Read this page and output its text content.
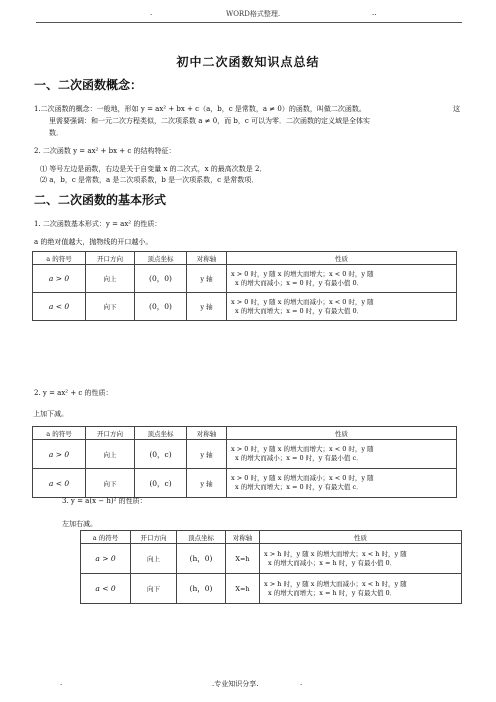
.	WORD格式整理.	..
初中二次函数知识点总结
一、二次函数概念：
1.二次函数的概念：一般地，形如 y = ax² + bx + c（a，b，c 是常数，a ≠ 0）的函数，叫做二次函数。	这
里需要强调：和一元二次方程类似，二次项系数 a ≠ 0，而 b，c 可以为零．二次函数的定义域是全体实
数．
2. 二次函数 y = ax² + bx + c 的结构特征：
⑴ 等号左边是函数，右边是关于自变量 x 的二次式，x 的最高次数是 2．
⑵ a，b，c 是常数，a 是二次项系数，b 是一次项系数，c 是常数项．
二、二次函数的基本形式
1. 二次函数基本形式：y = ax² 的性质：
a 的绝对值越大，抛物线的开口越小。
a 的符号	开口方向	顶点坐标	对称轴	性质
a > 0	向上	(0，0)	y 轴	x > 0 时，y 随 x 的增大而增大；x < 0 时，y 随
x 的增大而减小；x = 0 时，y 有最小值 0．

a < 0	向下	(0，0)	y 轴	x > 0 时，y 随 x 的增大而减小；x < 0 时，y 随
x 的增大而增大；x = 0 时，y 有最大值 0．
2. y = ax² + c 的性质：
上加下减。
a 的符号	开口方向	顶点坐标	对称轴	性质
a > 0	向上	(0，c)	y 轴	x > 0 时，y 随 x 的增大而增大；x < 0 时，y 随
x 的增大而减小；x = 0 时，y 有最小值 c．

a < 0	向下	(0，c)	y 轴	x > 0 时，y 随 x 的增大而减小；x < 0 时，y 随
x 的增大而增大；x = 0 时，y 有最大值 c．
3. y = a(x − h)² 的性质：
左加右减。
a 的符号	开口方向	顶点坐标	对称轴	性质
a > 0	向上	(h，0)	X=h	x > h 时，y 随 x 的增大而增大；x < h 时，y 随
x 的增大而减小；x = h 时，y 有最小值 0．

a < 0	向下	(h，0)	X=h	x > h 时，y 随 x 的增大而减小；x < h 时，y 随
x 的增大而增大；x = h 时，y 有最大值 0．
.	.专业知识分享.	.
